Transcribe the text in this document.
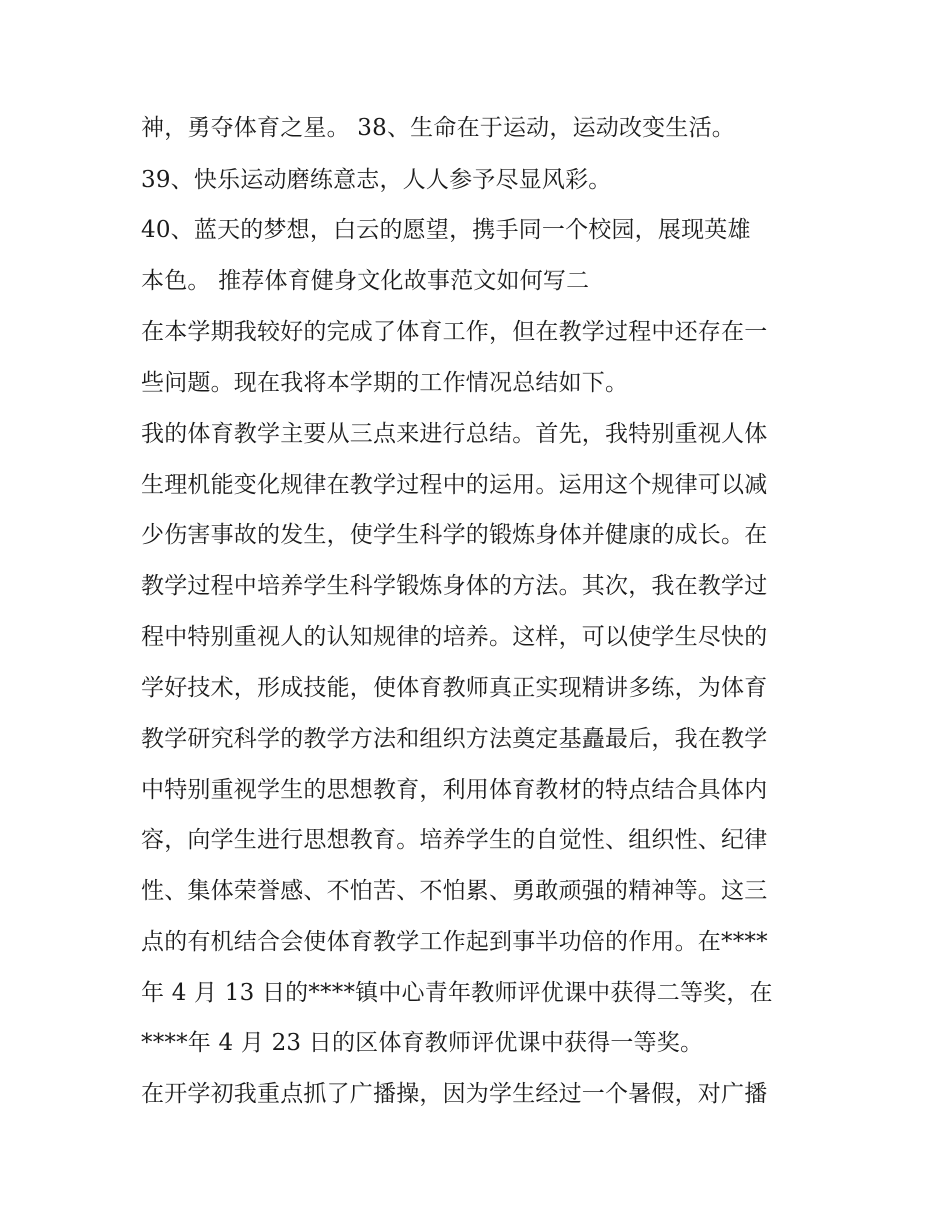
神，勇夺体育之星。 38、生命在于运动，运动改变生活。
39、快乐运动磨练意志，人人参予尽显风彩。
40、蓝天的梦想，白云的愿望，携手同一个校园，展现英雄
本色。 推荐体育健身文化故事范文如何写二
在本学期我较好的完成了体育工作，但在教学过程中还存在一
些问题。现在我将本学期的工作情况总结如下。
我的体育教学主要从三点来进行总结。首先，我特别重视人体
生理机能变化规律在教学过程中的运用。运用这个规律可以减
少伤害事故的发生，使学生科学的锻炼身体并健康的成长。在
教学过程中培养学生科学锻炼身体的方法。其次，我在教学过
程中特别重视人的认知规律的培养。这样，可以使学生尽快的
学好技术，形成技能，使体育教师真正实现精讲多练，为体育
教学研究科学的教学方法和组织方法奠定基矗最后，我在教学
中特别重视学生的思想教育，利用体育教材的特点结合具体内
容，向学生进行思想教育。培养学生的自觉性、组织性、纪律
性、集体荣誉感、不怕苦、不怕累、勇敢顽强的精神等。这三
点的有机结合会使体育教学工作起到事半功倍的作用。在****
年 4 月 13 日的****镇中心青年教师评优课中获得二等奖，在
****年 4 月 23 日的区体育教师评优课中获得一等奖。
在开学初我重点抓了广播操，因为学生经过一个暑假，对广播
